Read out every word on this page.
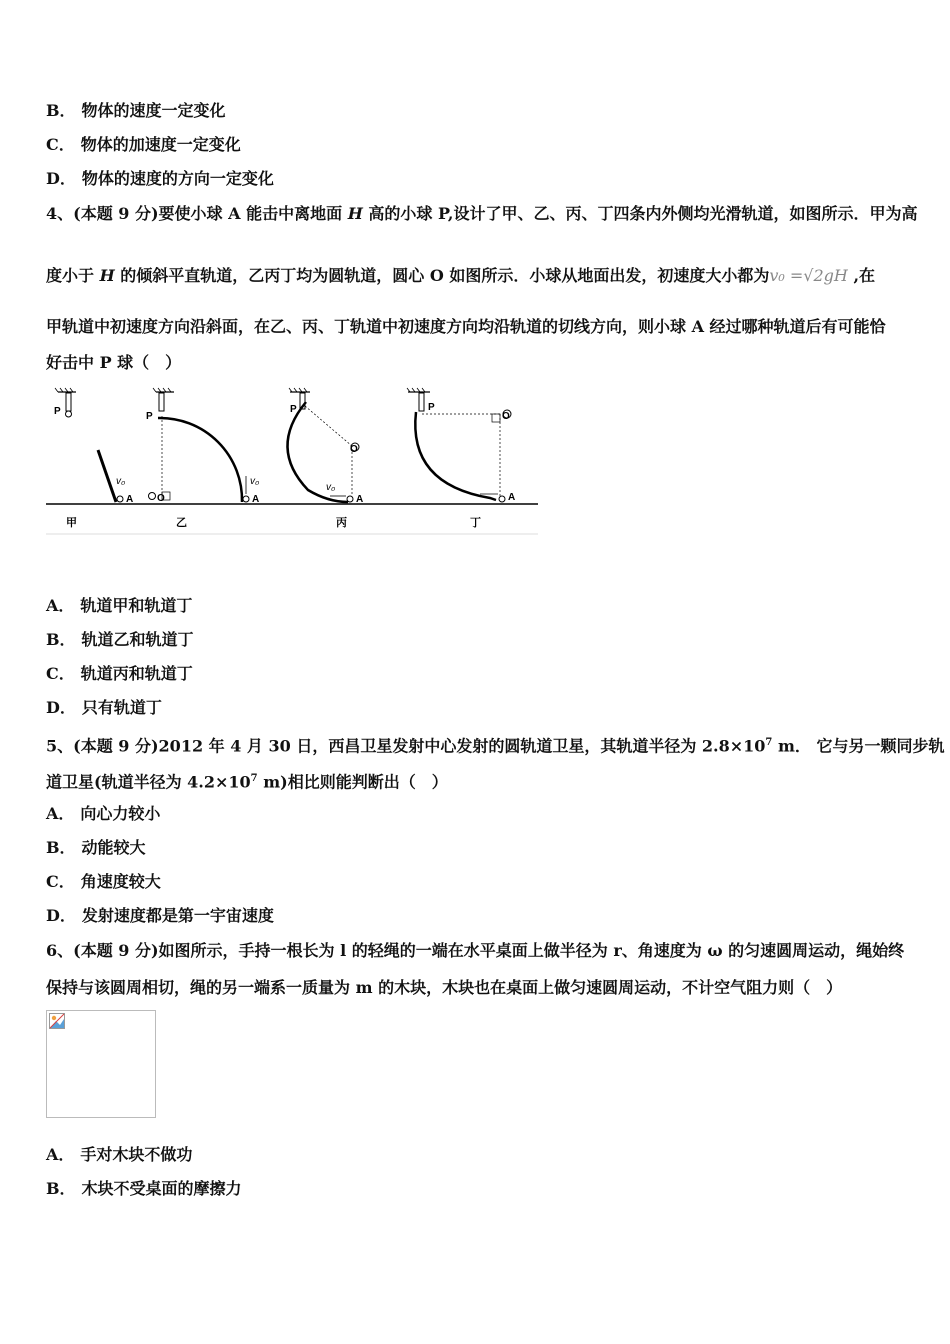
B． 物体的速度一定变化
C． 物体的加速度一定变化
D． 物体的速度的方向一定变化
4、(本题 9 分)要使小球 A 能击中离地面 H 高的小球 P,设计了甲、乙、丙、丁四条内外侧均光滑轨道，如图所示．甲为高
度小于 H 的倾斜平直轨道，乙丙丁均为圆轨道，圆心 O 如图所示．小球从地面出发，初速度大小都为v₀ =√2gH ,在
甲轨道中初速度方向沿斜面，在乙、丙、丁轨道中初速度方向均沿轨道的切线方向，则小球 A 经过哪种轨道后有可能恰
好击中 P 球（　）
P
v₀
A
甲
P
O
v₀
A
乙
P
O
v₀
A
丙
P
O
A
丁
A． 轨道甲和轨道丁
B． 轨道乙和轨道丁
C． 轨道丙和轨道丁
D． 只有轨道丁
5、(本题 9 分)2012 年 4 月 30 日，西昌卫星发射中心发射的圆轨道卫星，其轨道半径为 $2.8\times 10^7$ m． 它与另一颗同步轨
道卫星(轨道半径为 $4.2\times 10^7$ m)相比则能判断出（　）
A． 向心力较小
B． 动能较大
C． 角速度较大
D． 发射速度都是第一宇宙速度
6、(本题 9 分)如图所示，手持一根长为 l 的轻绳的一端在水平桌面上做半径为 r、角速度为 ω 的匀速圆周运动，绳始终
保持与该圆周相切，绳的另一端系一质量为 m 的木块，木块也在桌面上做匀速圆周运动，不计空气阻力则（　）
A． 手对木块不做功
B． 木块不受桌面的摩擦力
